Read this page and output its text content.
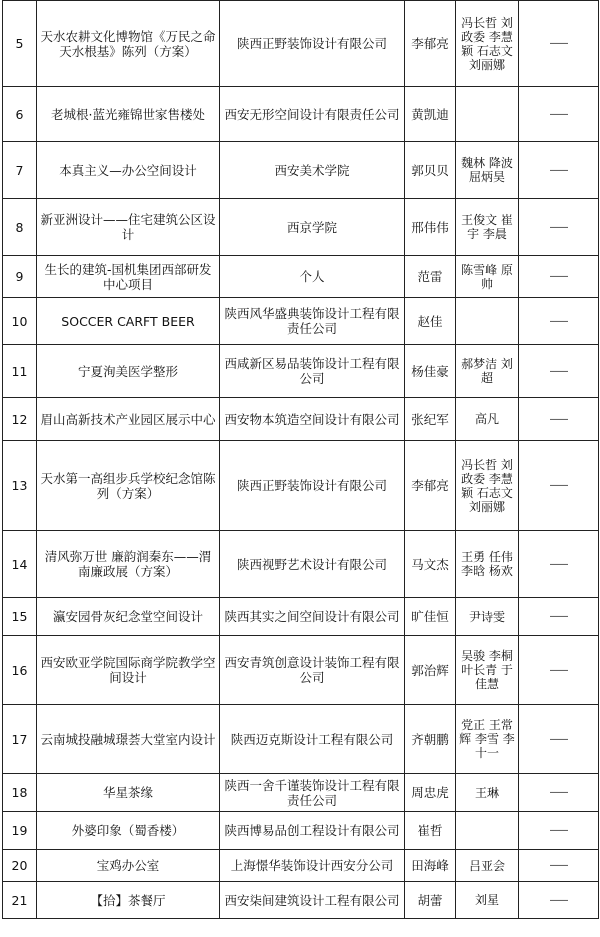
5	天水农耕文化博物馆《万民之命 天水根基》陈列（方案）	陕西正野装饰设计有限公司	李郁亮	冯长哲 刘政委 李慧颖 石志文 刘丽娜	——
6	老城根·蓝光雍锦世家售楼处	西安无形空间设计有限责任公司	黄凯迪		——
7	本真主义—办公空间设计	西安美术学院	郭贝贝	魏林 降波 屈炳昊	——
8	新亚洲设计——住宅建筑公区设计	西京学院	邢伟伟	王俊文 崔宇 李晨	——
9	生长的建筑-国机集团西部研发中心项目	个人	范雷	陈雪峰 原帅	——
10	SOCCER CARFT BEER	陕西风华盛典装饰设计工程有限责任公司	赵佳		——
11	宁夏洵美医学整形	西咸新区易品装饰设计工程有限公司	杨佳豪	郝梦洁 刘超	——
12	眉山高新技术产业园区展示中心	西安物本筑造空间设计有限公司	张纪军	高凡	——
13	天水第一高组步兵学校纪念馆陈列（方案）	陕西正野装饰设计有限公司	李郁亮	冯长哲 刘政委 李慧颖 石志文 刘丽娜	——
14	清风弥万世 廉韵润秦东——渭南廉政展（方案）	陕西视野艺术设计有限公司	马文杰	王勇 任伟 李晗 杨欢	——
15	瀛安园骨灰纪念堂空间设计	陕西其实之间空间设计有限公司	旷佳恒	尹诗雯	——
16	西安欧亚学院国际商学院教学空间设计	西安青筑创意设计装饰工程有限公司	郭治辉	吴骏 李桐 叶长青 于佳慧	——
17	云南城投融城璟荟大堂室内设计	陕西迈克斯设计工程有限公司	齐朝鹏	党正 王常辉 李雪 李十一	——
18	华星茶缘	陕西一舍千谨装饰设计工程有限责任公司	周忠虎	王琳	——
19	外婆印象（蜀香楼）	陕西博易品创工程设计有限公司	崔哲		——
20	宝鸡办公室	上海憬华装饰设计西安分公司	田海峰	吕亚会	——
21	【拾】茶餐厅	西安柒间建筑设计工程有限公司	胡蕾	刘星	——
